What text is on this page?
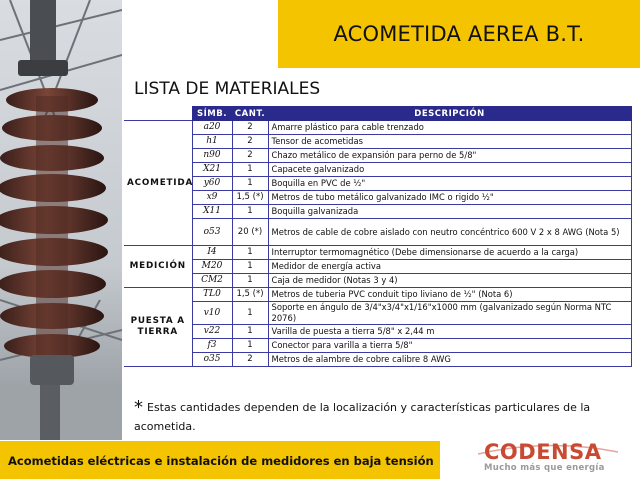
ACOMETIDA AEREA B.T.
LISTA DE MATERIALES
	SÍMB.	CANT.	DESCRIPCIÓN
ACOMETIDA	a20	2	Amarre plástico para cable trenzado
	h1	2	Tensor de acometidas
	n90	2	Chazo metálico de expansión para perno de 5/8"
	X21	1	Capacete galvanizado
	y60	1	Boquilla en PVC de ½"
	x9	1,5 (*)	Metros de tubo metálico galvanizado IMC o rigido ½"
	X11	1	Boquilla galvanizada
	o53	20 (*)	Metros de cable de cobre aislado con neutro concéntrico 600 V 2 x 8 AWG (Nota 5)
MEDICIÓN	I4	1	Interruptor termomagnético (Debe dimensionarse de acuerdo a la carga)
	M20	1	Medidor de energía activa
	CM2	1	Caja de medidor (Notas 3 y 4)
PUESTA A TIERRA	TL0	1,5 (*)	Metros de tuberia PVC conduit tipo liviano de ½" (Nota 6)
	v10	1	Soporte en ángulo de 3/4"x3/4"x1/16"x1000 mm (galvanizado según Norma NTC 2076)
	v22	1	Varilla de puesta a tierra 5/8" x 2,44 m
	f3	1	Conector para varilla a tierra 5/8"
	o35	2	Metros de alambre de cobre calibre 8 AWG
* Estas cantidades dependen de la localización y características particulares de la acometida.
Acometidas eléctricas e instalación de medidores en baja tensión CODENSA
Mucho más que energía
